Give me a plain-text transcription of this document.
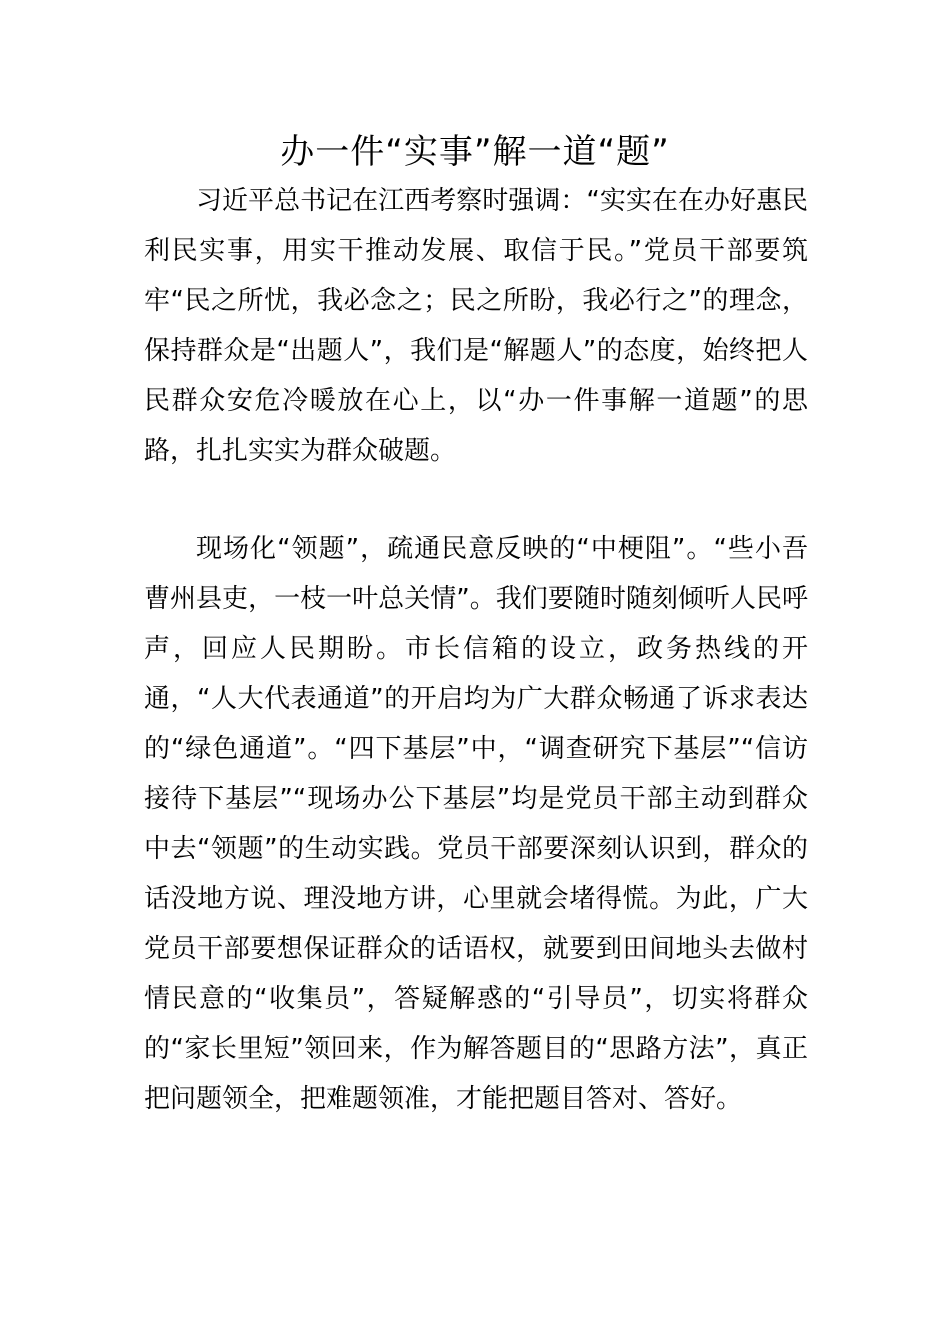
办一件“实事”解一道“题”

习近平总书记在江西考察时强调：“实实在在办好惠民利民实事，用实干推动发展、取信于民。”党员干部要筑牢“民之所忧，我必念之；民之所盼，我必行之”的理念，保持群众是“出题人”，我们是“解题人”的态度，始终把人民群众安危冷暖放在心上，以“办一件事解一道题”的思路，扎扎实实为群众破题。

现场化“领题”，疏通民意反映的“中梗阻”。“些小吾曹州县吏，一枝一叶总关情”。我们要随时随刻倾听人民呼声，回应人民期盼。市长信箱的设立，政务热线的开通，“人大代表通道”的开启均为广大群众畅通了诉求表达的“绿色通道”。“四下基层”中，“调查研究下基层”“信访接待下基层”“现场办公下基层”均是党员干部主动到群众中去“领题”的生动实践。党员干部要深刻认识到，群众的话没地方说、理没地方讲，心里就会堵得慌。为此，广大党员干部要想保证群众的话语权，就要到田间地头去做村情民意的“收集员”，答疑解惑的“引导员”，切实将群众的“家长里短”领回来，作为解答题目的“思路方法”，真正把问题领全，把难题领准，才能把题目答对、答好。
